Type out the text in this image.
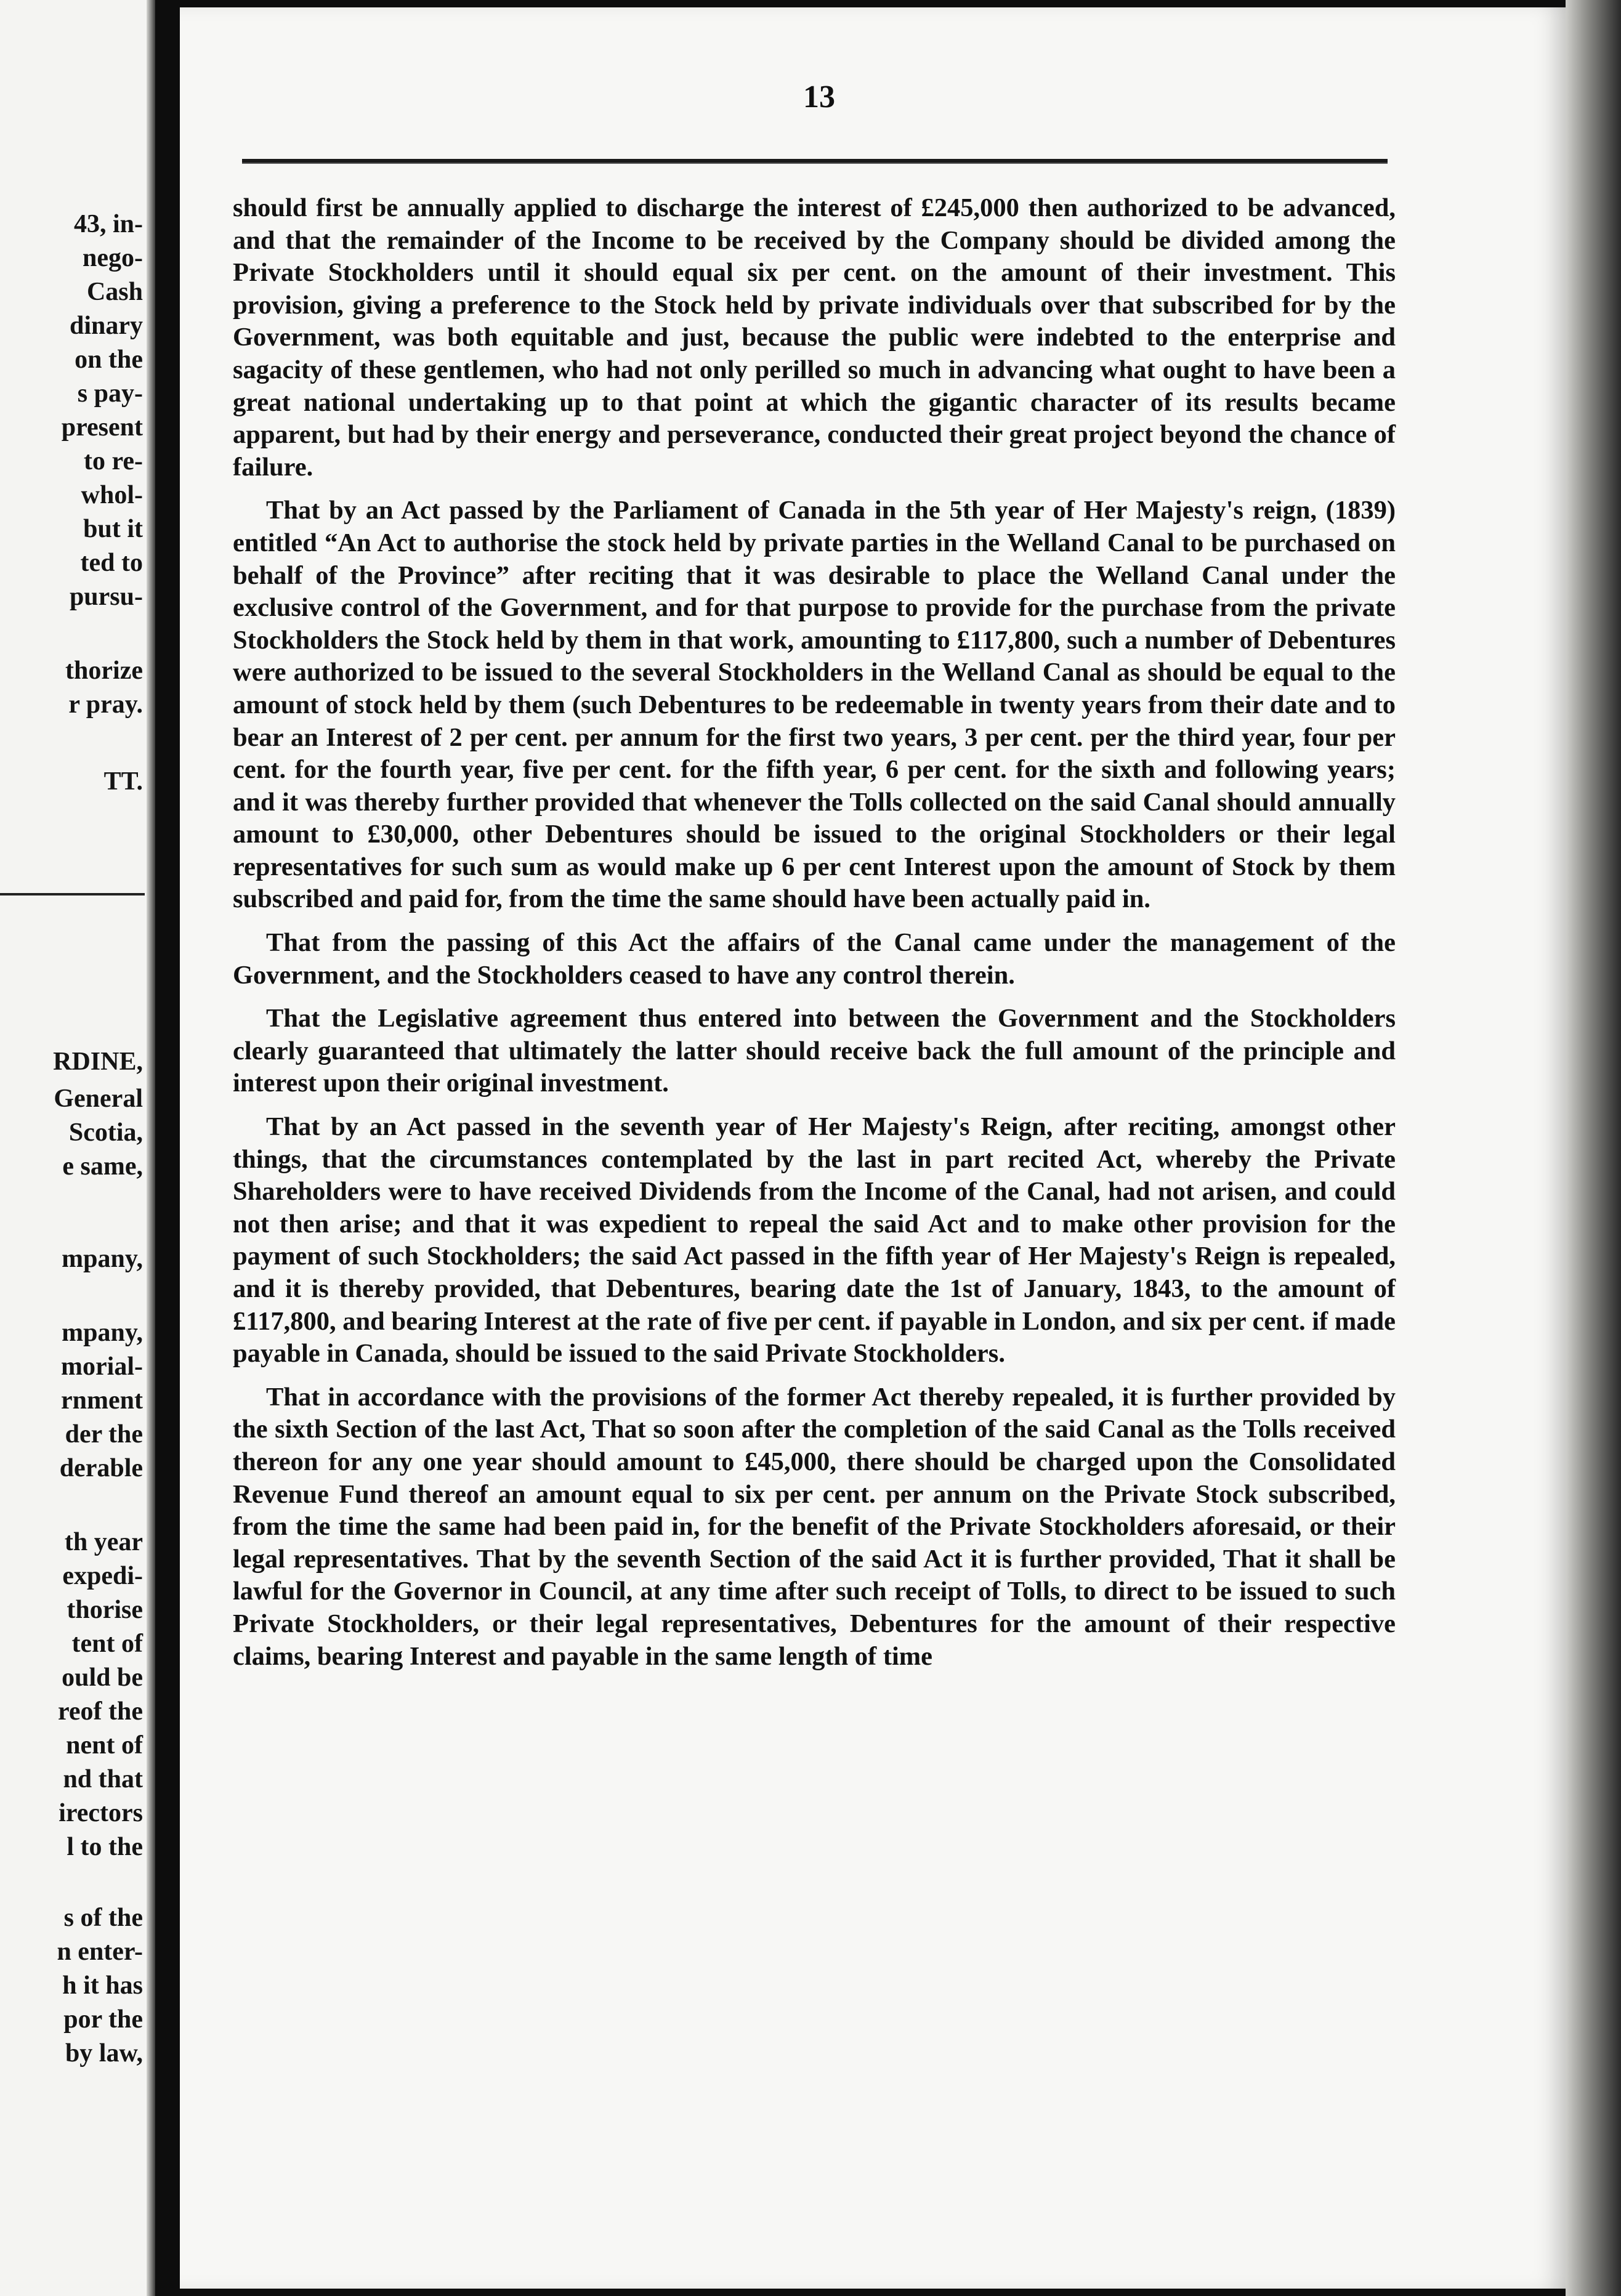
43, in-
nego-
Cash
dinary
on the
s pay-
present
to re-
whol-
but it
ted to
pursu-
thorize
r pray.
TT.
RDINE,
General
Scotia,
e same,
mpany,
mpany,
morial-
rnment
der the
derable
th year
expedi-
thorise
tent of
ould be
reof the
nent of
nd that
irectors
l to the
s of the
n enter-
h it has
por the
by law,
13

should first be annually applied to discharge the interest of £245,000 then authorized to be advanced, and that the remainder of the Income to be received by the Company should be divided among the Private Stockholders until it should equal six per cent. on the amount of their investment. This provision, giving a preference to the Stock held by private individuals over that subscribed for by the Government, was both equitable and just, because the public were indebted to the enterprise and sagacity of these gentlemen, who had not only perilled so much in advancing what ought to have been a great national undertaking up to that point at which the gigantic character of its results became apparent, but had by their energy and perseverance, conducted their great project beyond the chance of failure.

That by an Act passed by the Parliament of Canada in the 5th year of Her Majesty's reign, (1839) entitled “An Act to authorise the stock held by private parties in the Welland Canal to be purchased on behalf of the Province” after reciting that it was desirable to place the Welland Canal under the exclusive control of the Government, and for that purpose to provide for the purchase from the private Stockholders the Stock held by them in that work, amounting to £117,800, such a number of Debentures were authorized to be issued to the several Stockholders in the Welland Canal as should be equal to the amount of stock held by them (such Debentures to be redeemable in twenty years from their date and to bear an Interest of 2 per cent. per annum for the first two years, 3 per cent. per the third year, four per cent. for the fourth year, five per cent. for the fifth year, 6 per cent. for the sixth and following years; and it was thereby further provided that whenever the Tolls collected on the said Canal should annually amount to £30,000, other Debentures should be issued to the original Stockholders or their legal representatives for such sum as would make up 6 per cent Interest upon the amount of Stock by them subscribed and paid for, from the time the same should have been actually paid in.

That from the passing of this Act the affairs of the Canal came under the management of the Government, and the Stockholders ceased to have any control therein.

That the Legislative agreement thus entered into between the Government and the Stockholders clearly guaranteed that ultimately the latter should receive back the full amount of the principle and interest upon their original investment.

That by an Act passed in the seventh year of Her Majesty's Reign, after reciting, amongst other things, that the circumstances contemplated by the last in part recited Act, whereby the Private Shareholders were to have received Dividends from the Income of the Canal, had not arisen, and could not then arise; and that it was expedient to repeal the said Act and to make other provision for the payment of such Stockholders; the said Act passed in the fifth year of Her Majesty's Reign is repealed, and it is thereby provided, that Debentures, bearing date the 1st of January, 1843, to the amount of £117,800, and bearing Interest at the rate of five per cent. if payable in London, and six per cent. if made payable in Canada, should be issued to the said Private Stockholders.

That in accordance with the provisions of the former Act thereby repealed, it is further provided by the sixth Section of the last Act, That so soon after the completion of the said Canal as the Tolls received thereon for any one year should amount to £45,000, there should be charged upon the Consolidated Revenue Fund thereof an amount equal to six per cent. per annum on the Private Stock subscribed, from the time the same had been paid in, for the benefit of the Private Stockholders aforesaid, or their legal representatives. That by the seventh Section of the said Act it is further provided, That it shall be lawful for the Governor in Council, at any time after such receipt of Tolls, to direct to be issued to such Private Stockholders, or their legal representatives, Debentures for the amount of their respective claims, bearing Interest and payable in the same length of time
